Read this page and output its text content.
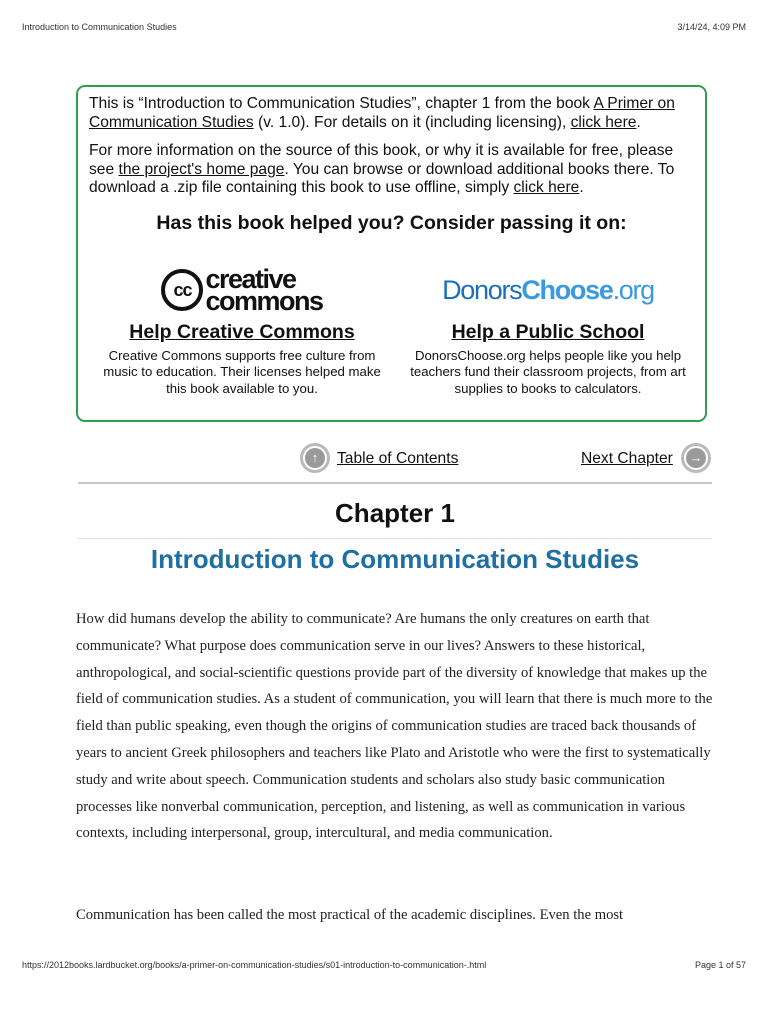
Introduction to Communication Studies	3/14/24, 4:09 PM

This is “Introduction to Communication Studies”, chapter 1 from the book A Primer on Communication Studies (v. 1.0). For details on it (including licensing), click here.

For more information on the source of this book, or why it is available for free, please see the project's home page. You can browse or download additional books there. To download a .zip file containing this book to use offline, simply click here.

Has this book helped you? Consider passing it on:

cc creative
commons
Help Creative Commons

Creative Commons supports free culture from music to education. Their licenses helped make this book available to you.

DonorsChoose.org
Help a Public School

DonorsChoose.org helps people like you help teachers fund their classroom projects, from art supplies to books to calculators.

↑	Table of Contents	Next Chapter →
Chapter 1
Introduction to Communication Studies

How did humans develop the ability to communicate? Are humans the only creatures on earth that communicate? What purpose does communication serve in our lives? Answers to these historical, anthropological, and social-scientific questions provide part of the diversity of knowledge that makes up the field of communication studies. As a student of communication, you will learn that there is much more to the field than public speaking, even though the origins of communication studies are traced back thousands of years to ancient Greek philosophers and teachers like Plato and Aristotle who were the first to systematically study and write about speech. Communication students and scholars also study basic communication processes like nonverbal communication, perception, and listening, as well as communication in various contexts, including interpersonal, group, intercultural, and media communication.

Communication has been called the most practical of the academic disciplines. Even the most

https://2012books.lardbucket.org/books/a-primer-on-communication-studies/s01-introduction-to-communication-.html	Page 1 of 57
